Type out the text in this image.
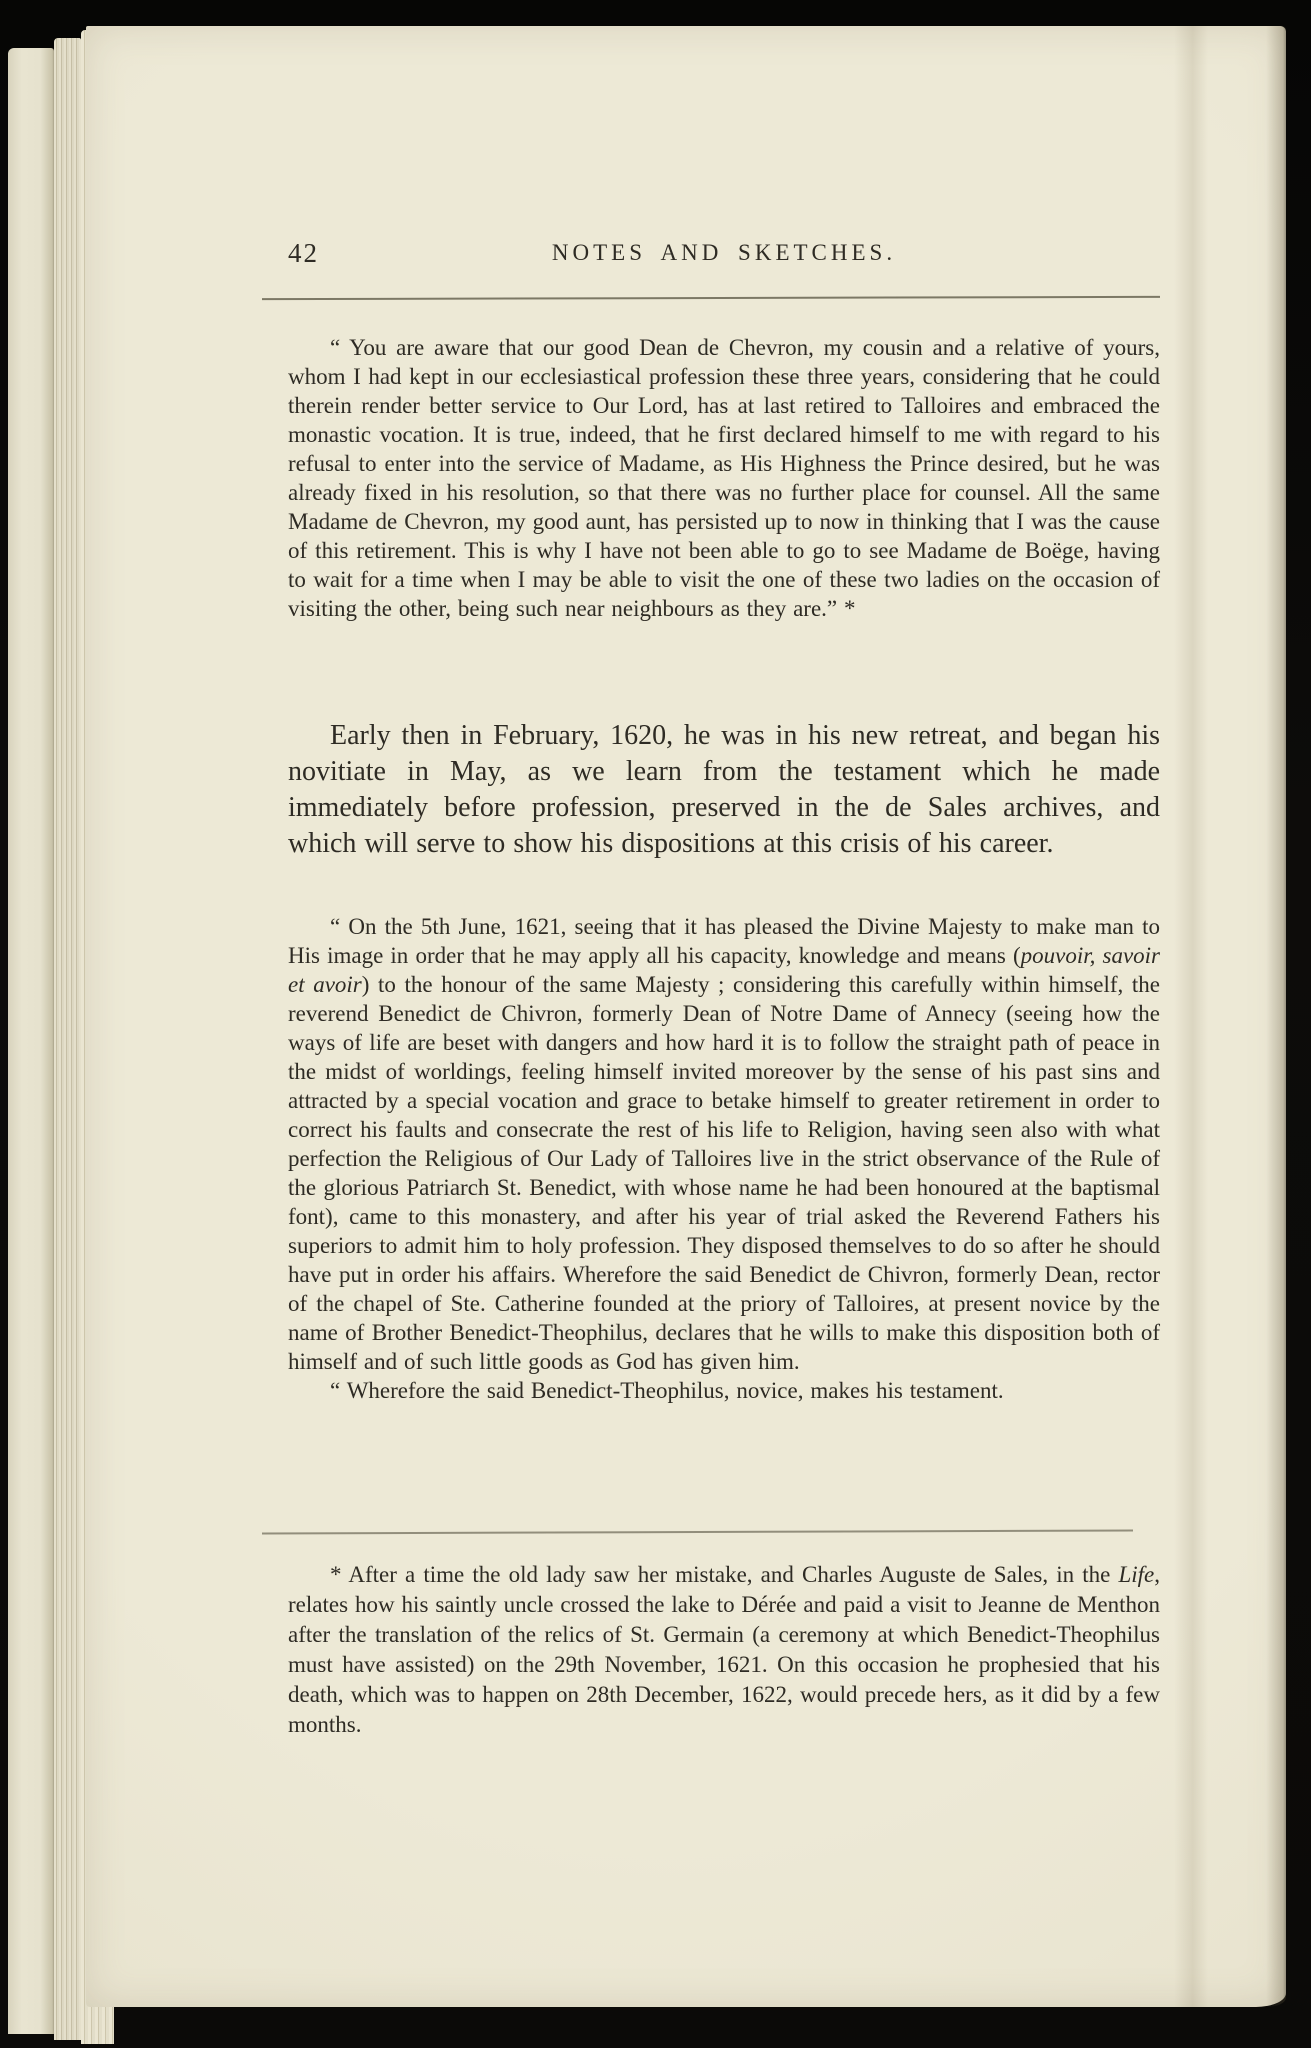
42	NOTES AND SKETCHES.

“ You are aware that our good Dean de Chevron, my cousin and a relative of yours, whom I had kept in our ecclesiastical profession these three years, considering that he could therein render better service to Our Lord, has at last retired to Talloires and embraced the monastic vocation. It is true, indeed, that he first declared himself to me with regard to his refusal to enter into the service of Madame, as His Highness the Prince desired, but he was already fixed in his resolution, so that there was no further place for counsel. All the same Madame de Chevron, my good aunt, has persisted up to now in thinking that I was the cause of this retirement. This is why I have not been able to go to see Madame de Boëge, having to wait for a time when I may be able to visit the one of these two ladies on the occasion of visiting the other, being such near neighbours as they are.” *

Early then in February, 1620, he was in his new retreat, and began his novitiate in May, as we learn from the testament which he made immediately before profession, preserved in the de Sales archives, and which will serve to show his dispositions at this crisis of his career.

“ On the 5th June, 1621, seeing that it has pleased the Divine Majesty to make man to His image in order that he may apply all his capacity, knowledge and means (pouvoir, savoir et avoir) to the honour of the same Majesty ; considering this carefully within himself, the reverend Benedict de Chivron, formerly Dean of Notre Dame of Annecy (seeing how the ways of life are beset with dangers and how hard it is to follow the straight path of peace in the midst of worldings, feeling himself invited moreover by the sense of his past sins and attracted by a special vocation and grace to betake himself to greater retirement in order to correct his faults and consecrate the rest of his life to Religion, having seen also with what perfection the Religious of Our Lady of Talloires live in the strict observance of the Rule of the glorious Patriarch St. Benedict, with whose name he had been honoured at the baptismal font), came to this monastery, and after his year of trial asked the Reverend Fathers his superiors to admit him to holy profession. They disposed themselves to do so after he should have put in order his affairs. Wherefore the said Benedict de Chivron, formerly Dean, rector of the chapel of Ste. Catherine founded at the priory of Talloires, at present novice by the name of Brother Benedict-Theophilus, declares that he wills to make this disposition both of himself and of such little goods as God has given him.

“ Wherefore the said Benedict-Theophilus, novice, makes his testament.

* After a time the old lady saw her mistake, and Charles Auguste de Sales, in the Life, relates how his saintly uncle crossed the lake to Dérée and paid a visit to Jeanne de Menthon after the translation of the relics of St. Germain (a ceremony at which Benedict-Theophilus must have assisted) on the 29th November, 1621. On this occasion he prophesied that his death, which was to happen on 28th December, 1622, would precede hers, as it did by a few months.
